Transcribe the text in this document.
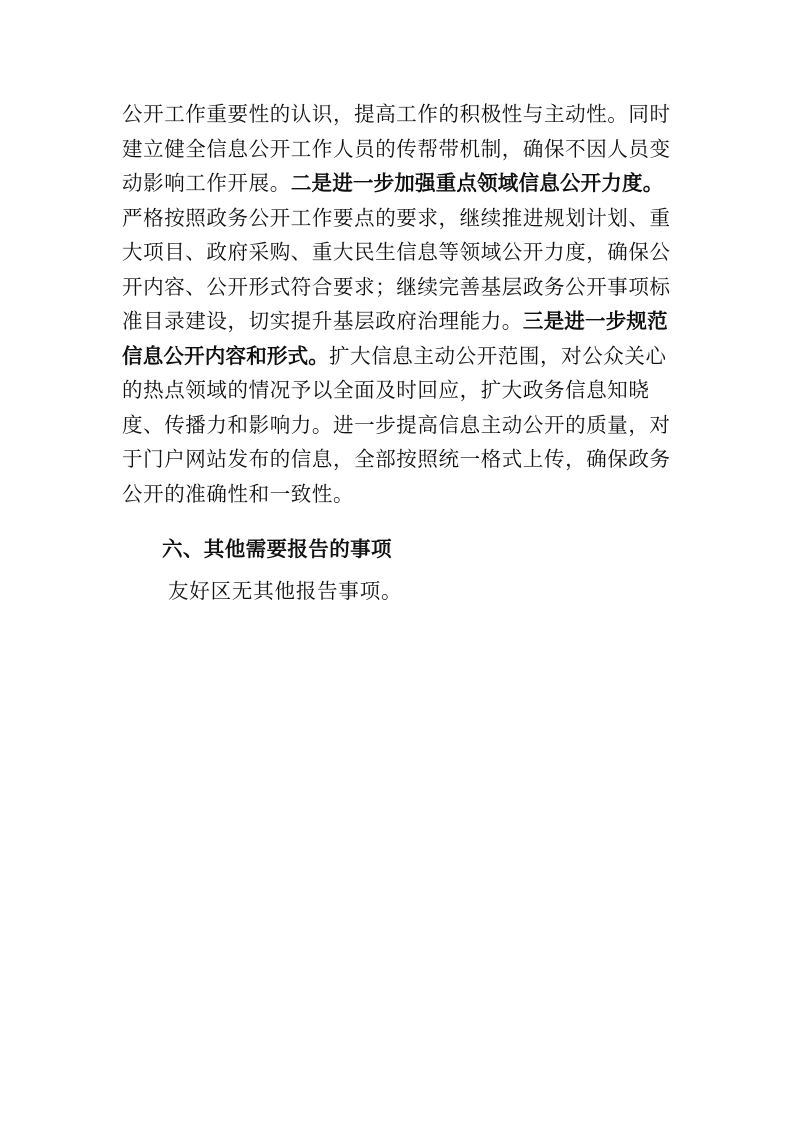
公开工作重要性的认识，提高工作的积极性与主动性。同时
建立健全信息公开工作人员的传帮带机制，确保不因人员变
动影响工作开展。二是进一步加强重点领域信息公开力度。
严格按照政务公开工作要点的要求，继续推进规划计划、重
大项目、政府采购、重大民生信息等领域公开力度，确保公
开内容、公开形式符合要求；继续完善基层政务公开事项标
准目录建设，切实提升基层政府治理能力。三是进一步规范
信息公开内容和形式。扩大信息主动公开范围，对公众关心
的热点领域的情况予以全面及时回应，扩大政务信息知晓
度、传播力和影响力。进一步提高信息主动公开的质量，对
于门户网站发布的信息，全部按照统一格式上传，确保政务
公开的准确性和一致性。
六、其他需要报告的事项
友好区无其他报告事项。
